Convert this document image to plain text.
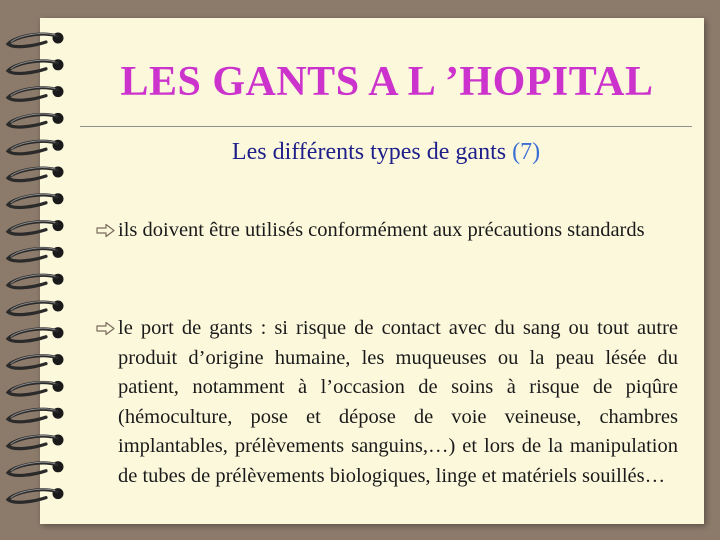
LES GANTS A L ’HOPITAL
Les différents types de gants (7)
ils doivent être utilisés conformément aux précautions standards
le port de gants : si risque de contact avec du sang ou tout autre produit d’origine humaine, les muqueuses ou la peau lésée du patient, notamment à l’occasion de soins à risque de piqûre (hémoculture, pose et dépose de voie veineuse, chambres implantables, prélèvements sanguins,…) et lors de la manipulation de tubes de prélèvements biologiques, linge et matériels souillés…
